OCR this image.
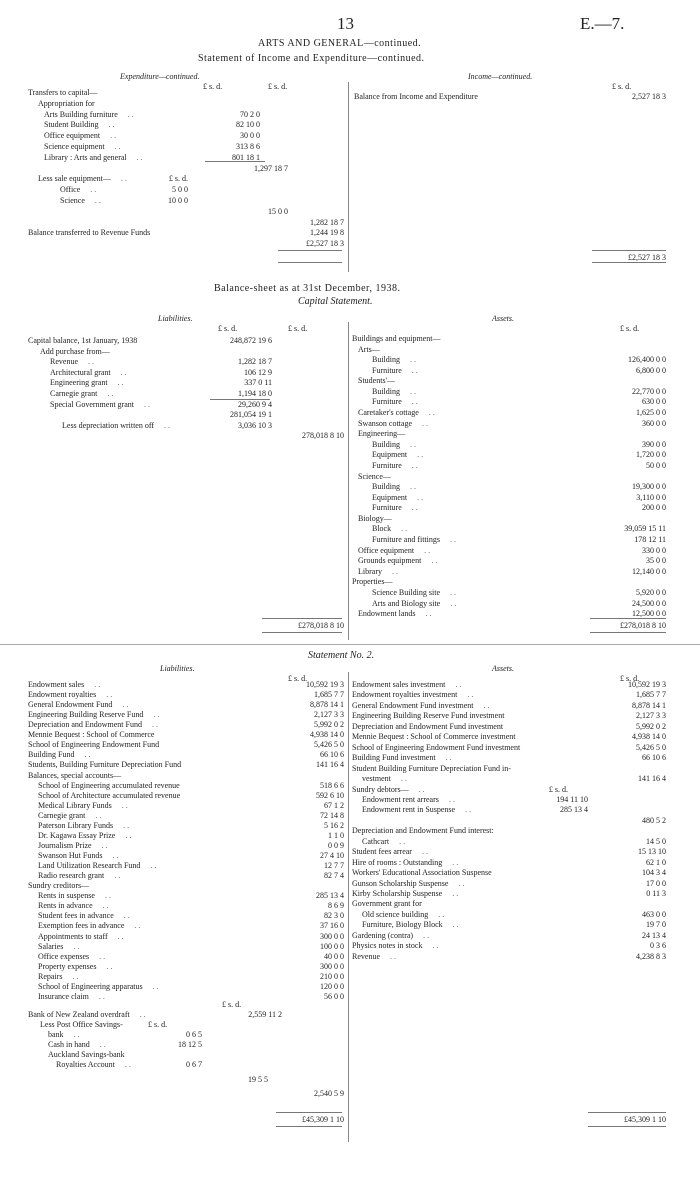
13	E.—7.
ARTS AND GENERAL—continued.
Statement of Income and Expenditure—continued.
Expenditure—continued.	Income—continued.
£ s. d.	£ s. d.	£ s. d.
Transfers to capital—
Appropriation for
Arts Building furniture	70 2 0
. .
Student Building	82 10 0
. .
Office equipment	30 0 0
. .
Science equipment	313 8 6
. .
Library : Arts and general	801 18 1
. .
1,297 18 7
Less sale equipment—	£ s. d.
. .
Office	5 0 0
. .
Science	10 0 0
. .
15 0 0
1,282 18 7
Balance transferred to Revenue Funds	1,244 19 8
£2,527 18 3
Balance from Income and Expenditure	2,527 18 3
Balance-sheet as at 31st December, 1938.
Capital Statement.
Liabilities.	Assets.
£ s. d.	£ s. d.	£ s. d.
Capital balance, 1st January, 1938	248,872 19 6
Add purchase from—
Revenue	1,282 18 7
. .
Architectural grant	106 12 9
. .
Engineering grant	337 0 11
. .
Carnegie grant	1,194 18 0
. .
Special Government grant	29,260 9 4
. .
281,054 19 1
Less depreciation written off	3,036 10 3
. .
278,018 8 10
Buildings and equipment—
Arts—
Building	126,400 0 0
. .
Furniture	6,800 0 0
. .
Students'—
Building	22,770 0 0
. .
Furniture	630 0 0
. .
Caretaker's cottage	1,625 0 0
. .
Swanson cottage	360 0 0
. .
Engineering—
Building	390 0 0
. .
Equipment	1,720 0 0
. .
Furniture	50 0 0
. .
Science—
Building	19,300 0 0
. .
Equipment	3,110 0 0
. .
Furniture	200 0 0
. .
Biology—
Block	39,059 15 11
. .
Furniture and fittings	178 12 11
. .
Office equipment	330 0 0
. .
Grounds equipment	35 0 0
. .
Library	12,140 0 0
. .
Properties—
Science Building site	5,920 0 0
. .
Arts and Biology site	24,500 0 0
. .
Endowment lands	12,500 0 0
. .
£278,018 8 10	£278,018 8 10
Statement No. 2.
Liabilities.	Assets.
£ s. d.	£ s. d.
Endowment sales	10,592 19 3
. .
Endowment royalties	1,685 7 7
. .
General Endowment Fund	8,878 14 1
. .
Engineering Building Reserve Fund	2,127 3 3
. .
Depreciation and Endowment Fund	5,992 0 2
. .
Mennie Bequest : School of Commerce	4,938 14 0
School of Engineering Endowment Fund	5,426 5 0
Building Fund	66 10 6
. .
Students, Building Furniture Depreciation Fund	141 16 4
Balances, special accounts—
School of Engineering accumulated revenue	518 6 6
School of Architecture accumulated revenue	592 6 10
Medical Library Funds	67 1 2
. .
Carnegie grant	72 14 8
. .
Paterson Library Funds	5 16 2
. .
Dr. Kagawa Essay Prize	1 1 0
. .
Journalism Prize	0 0 9
. .
Swanson Hut Funds	27 4 10
. .
Land Utilization Research Fund	12 7 7
. .
Radio research grant	82 7 4
. .
Sundry creditors—
Rents in suspense	285 13 4
. .
Rents in advance	8 6 9
. .
Student fees in advance	82 3 0
. .
Exemption fees in advance	37 16 0
. .
Appointments to staff	300 0 0
. .
Salaries	100 0 0
. .
Office expenses	40 0 0
. .
Property expenses	300 0 0
. .
Repairs	210 0 0
. .
School of Engineering apparatus	120 0 0
. .
Insurance claim	56 0 0
. .
Endowment sales investment	10,592 19 3
. .
Endowment royalties investment	1,685 7 7
. .
General Endowment Fund investment	8,878 14 1
. .
Engineering Building Reserve Fund investment	2,127 3 3
Depreciation and Endowment Fund investment	5,992 0 2
Mennie Bequest : School of Commerce investment	4,938 14 0
School of Engineering Endowment Fund investment	5,426 5 0
Building Fund investment	66 10 6
. .
Student Building Furniture Depreciation Fund in-
vestment	141 16 4
. .
Sundry debtors—	£ s. d.
. .
Endowment rent arrears	194 11 10
. .
Endowment rent in Suspense	285 13 4
. .
480 5 2
Depreciation and Endowment Fund interest:
Cathcart	14 5 0
. .
Student fees arrear	15 13 10
. .
Hire of rooms : Outstanding	62 1 0
. .
Workers' Educational Association Suspense	104 3 4
Gunson Scholarship Suspense	17 0 0
. .
Kirby Scholarship Suspense	0 11 3
. .
Government grant for
Old science building	463 0 0
. .
Furniture, Biology Block	19 7 0
. .
Gardening (contra)	24 13 4
. .
Physics notes in stock	0 3 6
. .
Revenue	4,238 8 3
. .
£ s. d.
Bank of New Zealand overdraft	2,559 11 2
. .
Less Post Office Savings-	£ s. d.
bank	0 6 5
. .
Cash in hand	18 12 5
. .
Auckland Savings-bank
Royalties Account	0 6 7
. .
19 5 5
2,540 5 9
£45,309 1 10	£45,309 1 10
£2,527 18 3
